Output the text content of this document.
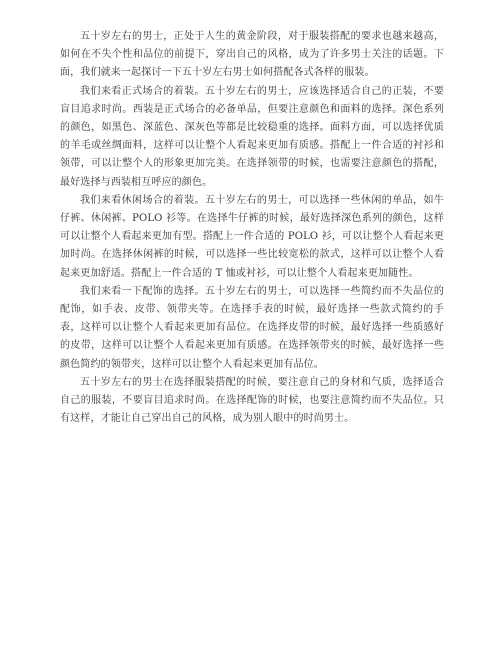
五十岁左右的男士，正处于人生的黄金阶段，对于服装搭配的要求也越来越高，如何在不失个性和品位的前提下，穿出自己的风格，成为了许多男士关注的话题。下面，我们就来一起探讨一下五十岁左右男士如何搭配各式各样的服装。

我们来看正式场合的着装。五十岁左右的男士，应该选择适合自己的正装，不要盲目追求时尚。西装是正式场合的必备单品，但要注意颜色和面料的选择。深色系列的颜色，如黑色、深蓝色、深灰色等都是比较稳重的选择。面料方面，可以选择优质的羊毛或丝绸面料，这样可以让整个人看起来更加有质感。搭配上一件合适的衬衫和领带，可以让整个人的形象更加完美。在选择领带的时候，也需要注意颜色的搭配，最好选择与西装相互呼应的颜色。

我们来看休闲场合的着装。五十岁左右的男士，可以选择一些休闲的单品，如牛仔裤、休闲裤、POLO 衫等。在选择牛仔裤的时候，最好选择深色系列的颜色，这样可以让整个人看起来更加有型。搭配上一件合适的 POLO 衫，可以让整个人看起来更加时尚。在选择休闲裤的时候，可以选择一些比较宽松的款式，这样可以让整个人看起来更加舒适。搭配上一件合适的 T 恤或衬衫，可以让整个人看起来更加随性。

我们来看一下配饰的选择。五十岁左右的男士，可以选择一些简约而不失品位的配饰，如手表、皮带、领带夹等。在选择手表的时候，最好选择一些款式简约的手表，这样可以让整个人看起来更加有品位。在选择皮带的时候，最好选择一些质感好的皮带，这样可以让整个人看起来更加有质感。在选择领带夹的时候，最好选择一些颜色简约的领带夹，这样可以让整个人看起来更加有品位。

五十岁左右的男士在选择服装搭配的时候，要注意自己的身材和气质，选择适合自己的服装，不要盲目追求时尚。在选择配饰的时候，也要注意简约而不失品位。只有这样，才能让自己穿出自己的风格，成为别人眼中的时尚男士。
